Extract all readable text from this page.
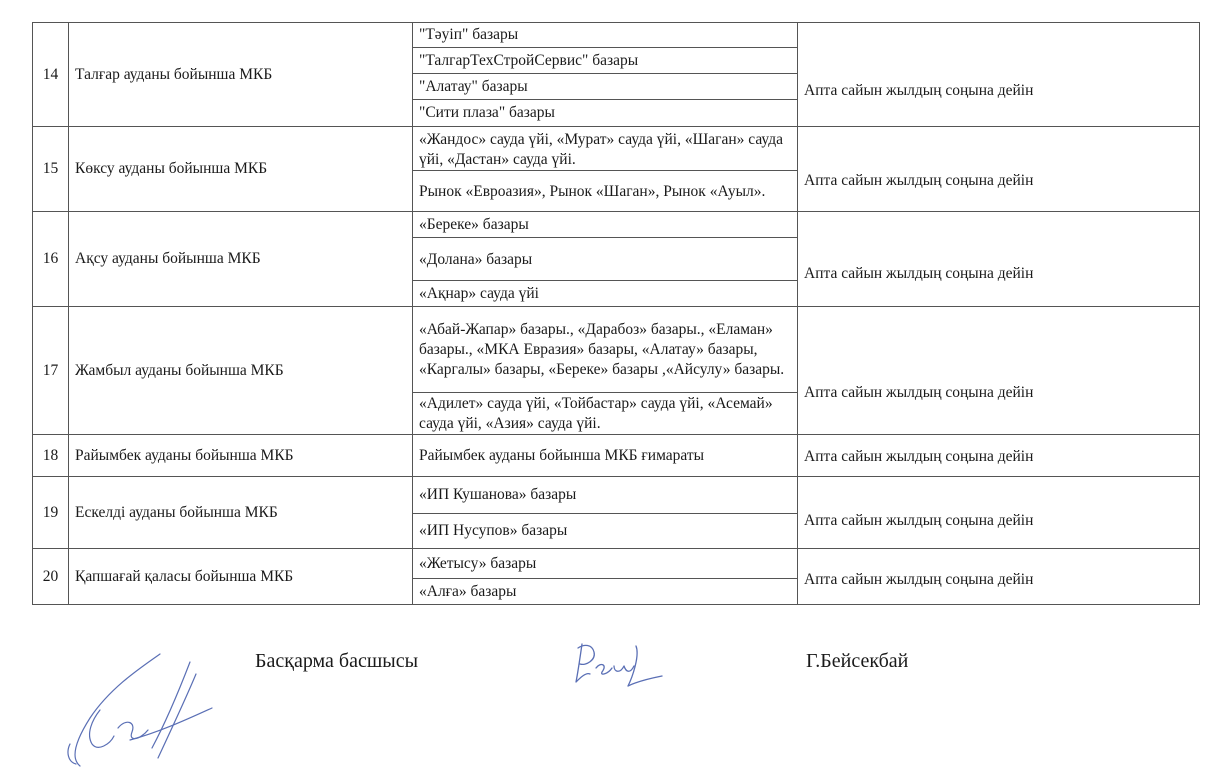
14	Талғар ауданы бойынша МКБ	"Тәуіп" базары	Апта сайын жылдың соңына дейін
		"ТалгарТехСтройСервис" базары	
		"Алатау" базары	
		"Сити плаза" базары	
15	Көксу ауданы бойынша МКБ	«Жандос» сауда үйі, «Мурат» сауда үйі, «Шаган» сауда үйі, «Дастан» сауда үйі.	Апта сайын жылдың соңына дейін
		Рынок «Евроазия», Рынок «Шаган», Рынок «Ауыл».	
16	Ақсу ауданы бойынша МКБ	«Береке» базары	Апта сайын жылдың соңына дейін
		«Долана» базары	
		«Ақнар» сауда үйі	
17	Жамбыл ауданы бойынша МКБ	«Абай-Жапар» базары., «Дарабоз» базары., «Еламан» базары., «МКА Евразия» базары, «Алатау» базары, «Каргалы» базары, «Береке» базары ,«Айсулу» базары.	Апта сайын жылдың соңына дейін
		«Адилет» сауда үйі, «Тойбастар» сауда үйі, «Асемай» сауда үйі, «Азия» сауда үйі.	
18	Райымбек ауданы бойынша МКБ	Райымбек ауданы бойынша МКБ ғимараты	Апта сайын жылдың соңына дейін
19	Ескелді ауданы бойынша МКБ	«ИП Кушанова» базары	Апта сайын жылдың соңына дейін
		«ИП Нусупов» базары	
20	Қапшағай қаласы бойынша МКБ	«Жетысу» базары	Апта сайын жылдың соңына дейін
		«Алға» базары	
Басқарма басшысы	Г.Бейсекбай
